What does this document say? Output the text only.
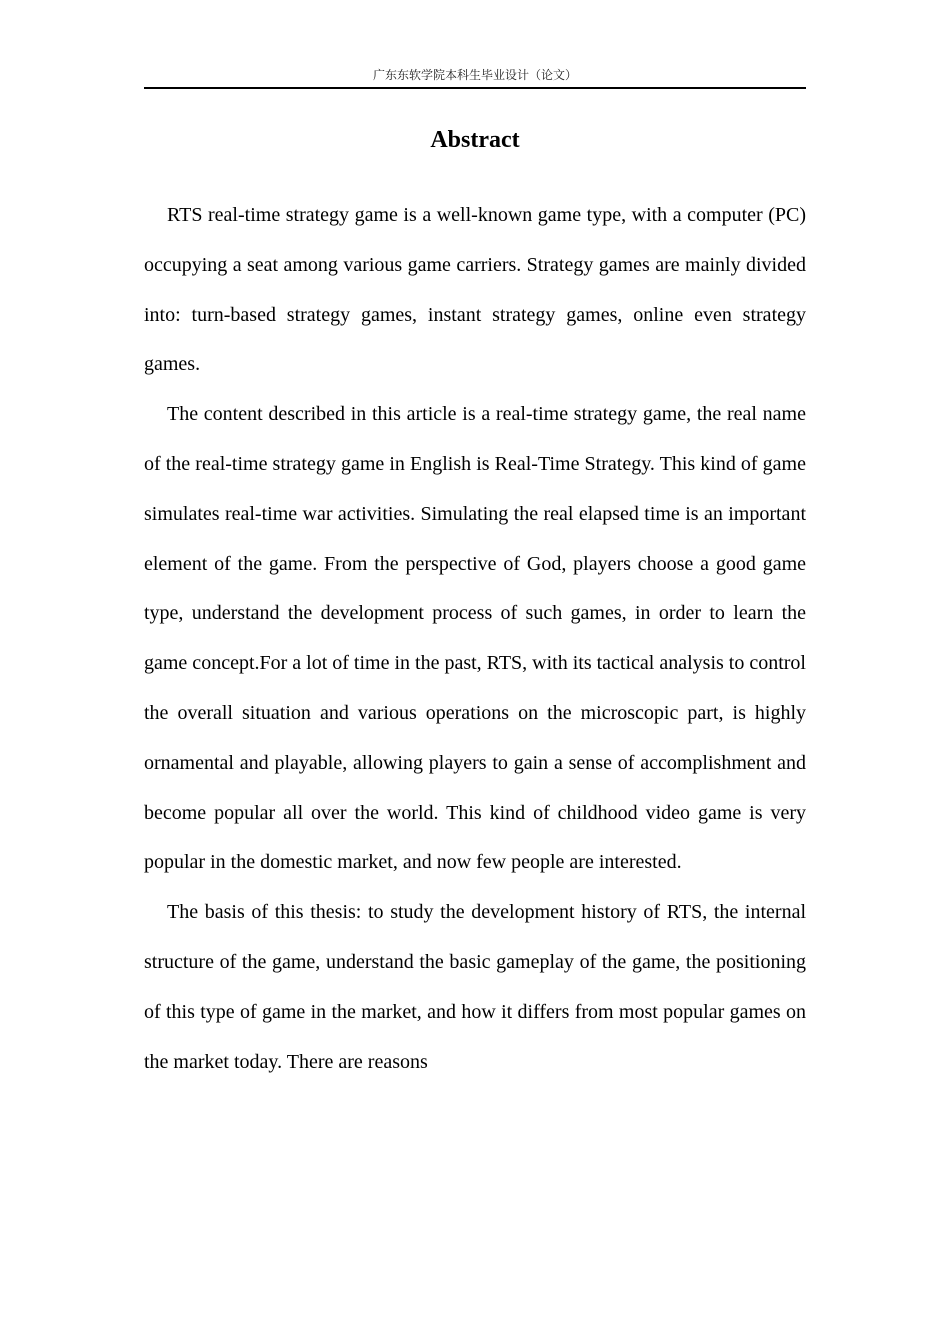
广东东软学院本科生毕业设计（论文）
Abstract

RTS real-time strategy game is a well-known game type, with a computer (PC) occupying a seat among various game carriers. Strategy games are mainly divided into: turn-based strategy games, instant strategy games, online even strategy games.

The content described in this article is a real-time strategy game, the real name of the real-time strategy game in English is Real-Time Strategy. This kind of game simulates real-time war activities. Simulating the real elapsed time is an important element of the game. From the perspective of God, players choose a good game type, understand the development process of such games, in order to learn the game concept.For a lot of time in the past, RTS, with its tactical analysis to control the overall situation and various operations on the microscopic part, is highly ornamental and playable, allowing players to gain a sense of accomplishment and become popular all over the world. This kind of childhood video game is very popular in the domestic market, and now few people are interested.

The basis of this thesis: to study the development history of RTS, the internal structure of the game, understand the basic gameplay of the game, the positioning of this type of game in the market, and how it differs from most popular games on the market today. There are reasons
